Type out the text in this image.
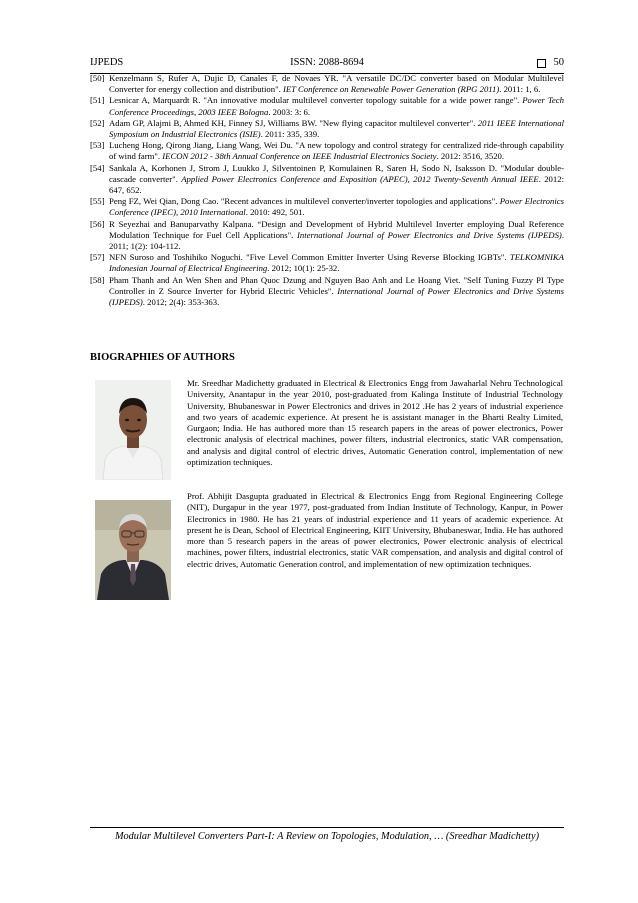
IJPEDS	ISSN: 2088-8694	50
[50] Kenzelmann S, Rufer A, Dujic D, Canales F, de Novaes YR. "A versatile DC/DC converter based on Modular Multilevel Converter for energy collection and distribution". IET Conference on Renewable Power Generation (RPG 2011). 2011: 1, 6.
[51] Lesnicar A, Marquardt R. "An innovative modular multilevel converter topology suitable for a wide power range". Power Tech Conference Proceedings, 2003 IEEE Bologna. 2003: 3: 6.
[52] Adam GP, Alajmi B, Ahmed KH, Finney SJ, Williams BW. "New flying capacitor multilevel converter". 2011 IEEE International Symposium on Industrial Electronics (ISIE). 2011: 335, 339.
[53] Lucheng Hong, Qirong Jiang, Liang Wang, Wei Du. "A new topology and control strategy for centralized ride-through capability of wind farm". IECON 2012 - 38th Annual Conference on IEEE Industrial Electronics Society. 2012: 3516, 3520.
[54] Sankala A, Korhonen J, Strom J, Luukko J, Silventoinen P, Komulainen R, Saren H, Sodo N, Isaksson D. "Modular double-cascade converter". Applied Power Electronics Conference and Exposition (APEC), 2012 Twenty-Seventh Annual IEEE. 2012: 647, 652.
[55] Peng FZ, Wei Qian, Dong Cao. "Recent advances in multilevel converter/inverter topologies and applications". Power Electronics Conference (IPEC), 2010 International. 2010: 492, 501.
[56] R Seyezhai and Banuparvathy Kalpana. “Design and Development of Hybrid Multilevel Inverter employing Dual Reference Modulation Technique for Fuel Cell Applications". International Journal of Power Electronics and Drive Systems (IJPEDS). 2011; 1(2): 104-112.
[57] NFN Suroso and Toshihiko Noguchi. "Five Level Common Emitter Inverter Using Reverse Blocking IGBTs". TELKOMNIKA Indonesian Journal of Electrical Engineering. 2012; 10(1): 25-32.
[58] Pham Thanh and An Wen Shen and Phan Quoc Dzung and Nguyen Bao Anh and Le Hoang Viet. "Self Tuning Fuzzy PI Type Controller in Z Source Inverter for Hybrid Electric Vehicles". International Journal of Power Electronics and Drive Systems (IJPEDS). 2012; 2(4): 353-363.
BIOGRAPHIES OF AUTHORS
Mr. Sreedhar Madichetty graduated in Electrical & Electronics Engg from Jawaharlal Nehru Technological University, Anantapur in the year 2010, post-graduated from Kalinga Institute of Industrial Technology University, Bhubaneswar in Power Electronics and drives in 2012 .He has 2 years of industrial experience and two years of academic experience. At present he is assistant manager in the Bharti Realty Limited, Gurgaon; India. He has authored more than 15 research papers in the areas of power electronics, Power electronic analysis of electrical machines, power filters, industrial electronics, static VAR compensation, and analysis and digital control of electric drives, Automatic Generation control, implementation of new optimization techniques.
Prof. Abhijit Dasgupta graduated in Electrical & Electronics Engg from Regional Engineering College (NIT), Durgapur in the year 1977, post-graduated from Indian Institute of Technology, Kanpur, in Power Electronics in 1980. He has 21 years of industrial experience and 11 years of academic experience. At present he is Dean, School of Electrical Engineering, KIIT University, Bhubaneswar, India. He has authored more than 5 research papers in the areas of power electronics, Power electronic analysis of electrical machines, power filters, industrial electronics, static VAR compensation, and analysis and digital control of electric drives, Automatic Generation control, and implementation of new optimization techniques.
Modular Multilevel Converters Part-I: A Review on Topologies, Modulation, … (Sreedhar Madichetty)
